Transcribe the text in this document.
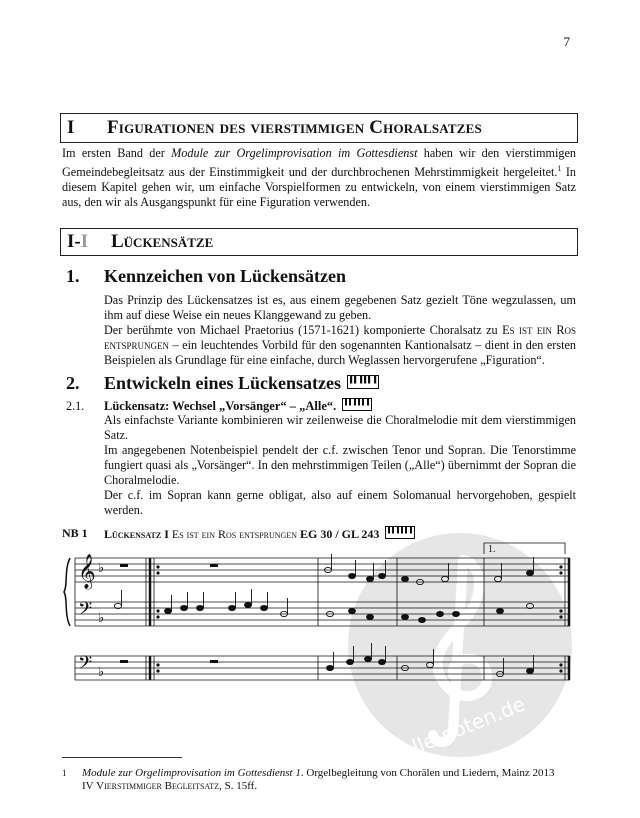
7
I	Figurationen des vierstimmigen Choralsatzes
Im ersten Band der Module zur Orgelimprovisation im Gottesdienst haben wir den vierstimmigen Gemeindebegleitsatz aus der Einstimmigkeit und der durchbrochenen Mehrstimmigkeit hergeleitet.$^1$ In diesem Kapitel gehen wir, um einfache Vorspielformen zu entwickeln, von einem vierstimmigen Satz aus, den wir als Ausgangspunkt für eine Figuration verwenden.
I-I	Lückensätze
1.	Kennzeichen von Lückensätzen
Das Prinzip des Lückensatzes ist es, aus einem gegebenen Satz gezielt Töne wegzulassen, um ihm auf diese Weise ein neues Klanggewand zu geben.
Der berühmte von Michael Praetorius (1571-1621) komponierte Choralsatz zu Es ist ein Ros entsprungen – ein leuchtendes Vorbild für den sogenannten Kantionalsatz – dient in den ersten Beispielen als Grundlage für eine einfache, durch Weglassen hervorgerufene „Figuration“.
2.	Entwickeln eines Lückensatzes
2.1. Lückensatz: Wechsel „Vorsänger“ – „Alle“.
Als einfachste Variante kombinieren wir zeilenweise die Choralmelodie mit dem vierstimmigen Satz.
Im angegebenen Notenbeispiel pendelt der c.f. zwischen Tenor und Sopran. Die Tenorstimme fungiert quasi als „Vorsänger“. In den mehrstimmigen Teilen („Alle“) übernimmt der Sopran die Choralmelodie.
Der c.f. im Sopran kann gerne obligat, also auf einem Solomanual hervorgehoben, gespielt werden.
NB 1 Lückensatz I
Es ist ein Ros entsprungen
EG 30 / GL 243
alle-noten.de
1.
𝄞
𝄢
𝄢
♭
♭
♭
1 Module zur Orgelimprovisation im Gottesdienst 1. Orgelbegleitung von Chorälen und Liedern, Mainz 2013
IV Vierstimmiger Begleitsatz, S. 15ff.
